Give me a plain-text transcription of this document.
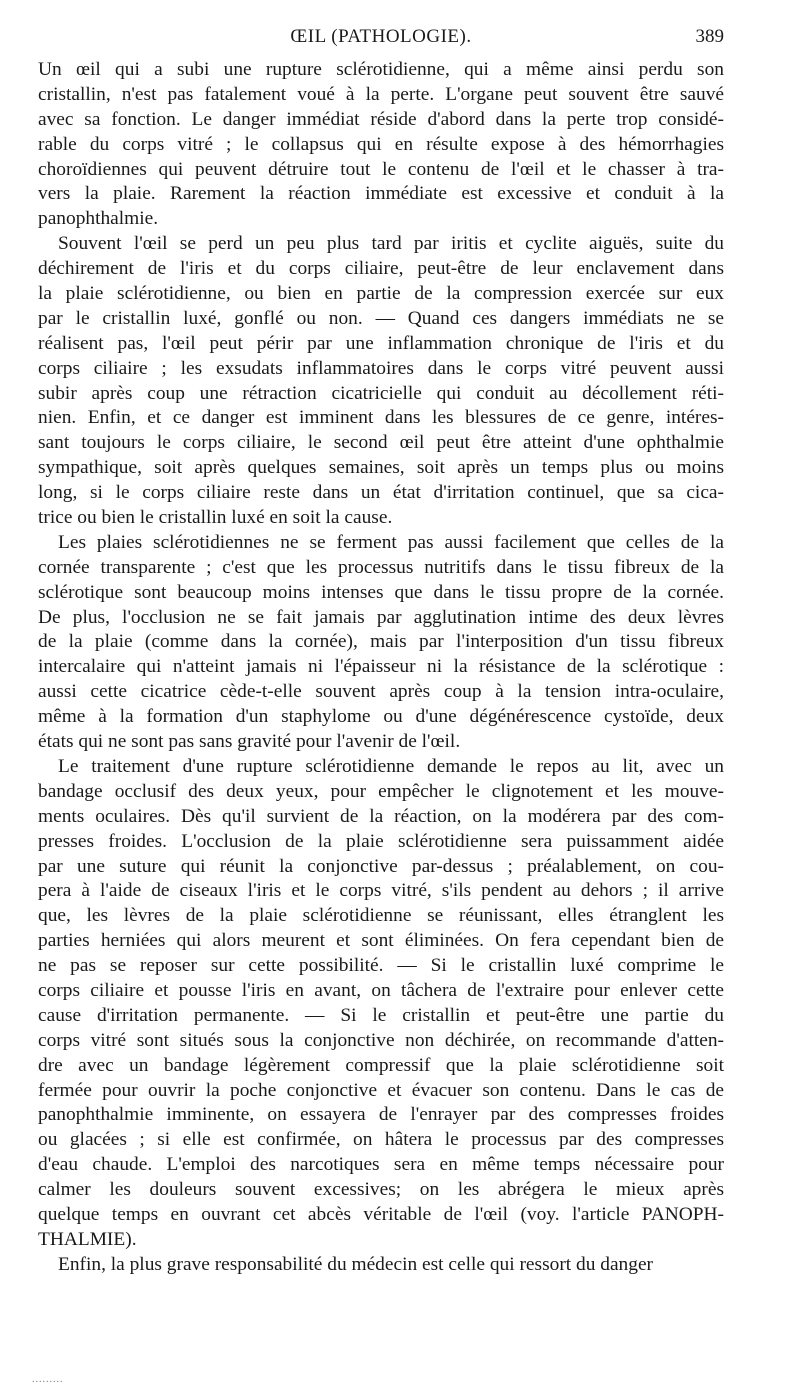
ŒIL (PATHOLOGIE).	389
Un œil qui a subi une rupture sclérotidienne, qui a même ainsi perdu son
cristallin, n'est pas fatalement voué à la perte. L'organe peut souvent être sauvé
avec sa fonction. Le danger immédiat réside d'abord dans la perte trop considé-
rable du corps vitré ; le collapsus qui en résulte expose à des hémorrhagies
choroïdiennes qui peuvent détruire tout le contenu de l'œil et le chasser à tra-
vers la plaie. Rarement la réaction immédiate est excessive et conduit à la
panophthalmie.
Souvent l'œil se perd un peu plus tard par iritis et cyclite aiguës, suite du
déchirement de l'iris et du corps ciliaire, peut-être de leur enclavement dans
la plaie sclérotidienne, ou bien en partie de la compression exercée sur eux
par le cristallin luxé, gonflé ou non. — Quand ces dangers immédiats ne se
réalisent pas, l'œil peut périr par une inflammation chronique de l'iris et du
corps ciliaire ; les exsudats inflammatoires dans le corps vitré peuvent aussi
subir après coup une rétraction cicatricielle qui conduit au décollement réti-
nien. Enfin, et ce danger est imminent dans les blessures de ce genre, intéres-
sant toujours le corps ciliaire, le second œil peut être atteint d'une ophthalmie
sympathique, soit après quelques semaines, soit après un temps plus ou moins
long, si le corps ciliaire reste dans un état d'irritation continuel, que sa cica-
trice ou bien le cristallin luxé en soit la cause.
Les plaies sclérotidiennes ne se ferment pas aussi facilement que celles de la
cornée transparente ; c'est que les processus nutritifs dans le tissu fibreux de la
sclérotique sont beaucoup moins intenses que dans le tissu propre de la cornée.
De plus, l'occlusion ne se fait jamais par agglutination intime des deux lèvres
de la plaie (comme dans la cornée), mais par l'interposition d'un tissu fibreux
intercalaire qui n'atteint jamais ni l'épaisseur ni la résistance de la sclérotique :
aussi cette cicatrice cède-t-elle souvent après coup à la tension intra-oculaire,
même à la formation d'un staphylome ou d'une dégénérescence cystoïde, deux
états qui ne sont pas sans gravité pour l'avenir de l'œil.
Le traitement d'une rupture sclérotidienne demande le repos au lit, avec un
bandage occlusif des deux yeux, pour empêcher le clignotement et les mouve-
ments oculaires. Dès qu'il survient de la réaction, on la modérera par des com-
presses froides. L'occlusion de la plaie sclérotidienne sera puissamment aidée
par une suture qui réunit la conjonctive par-dessus ; préalablement, on cou-
pera à l'aide de ciseaux l'iris et le corps vitré, s'ils pendent au dehors ; il arrive
que, les lèvres de la plaie sclérotidienne se réunissant, elles étranglent les
parties herniées qui alors meurent et sont éliminées. On fera cependant bien de
ne pas se reposer sur cette possibilité. — Si le cristallin luxé comprime le
corps ciliaire et pousse l'iris en avant, on tâchera de l'extraire pour enlever cette
cause d'irritation permanente. — Si le cristallin et peut-être une partie du
corps vitré sont situés sous la conjonctive non déchirée, on recommande d'atten-
dre avec un bandage légèrement compressif que la plaie sclérotidienne soit
fermée pour ouvrir la poche conjonctive et évacuer son contenu. Dans le cas de
panophthalmie imminente, on essayera de l'enrayer par des compresses froides
ou glacées ; si elle est confirmée, on hâtera le processus par des compresses
d'eau chaude. L'emploi des narcotiques sera en même temps nécessaire pour
calmer les douleurs souvent excessives; on les abrégera le mieux après
quelque temps en ouvrant cet abcès véritable de l'œil (voy. l'article PANOPH-
THALMIE).
Enfin, la plus grave responsabilité du médecin est celle qui ressort du danger
.........
